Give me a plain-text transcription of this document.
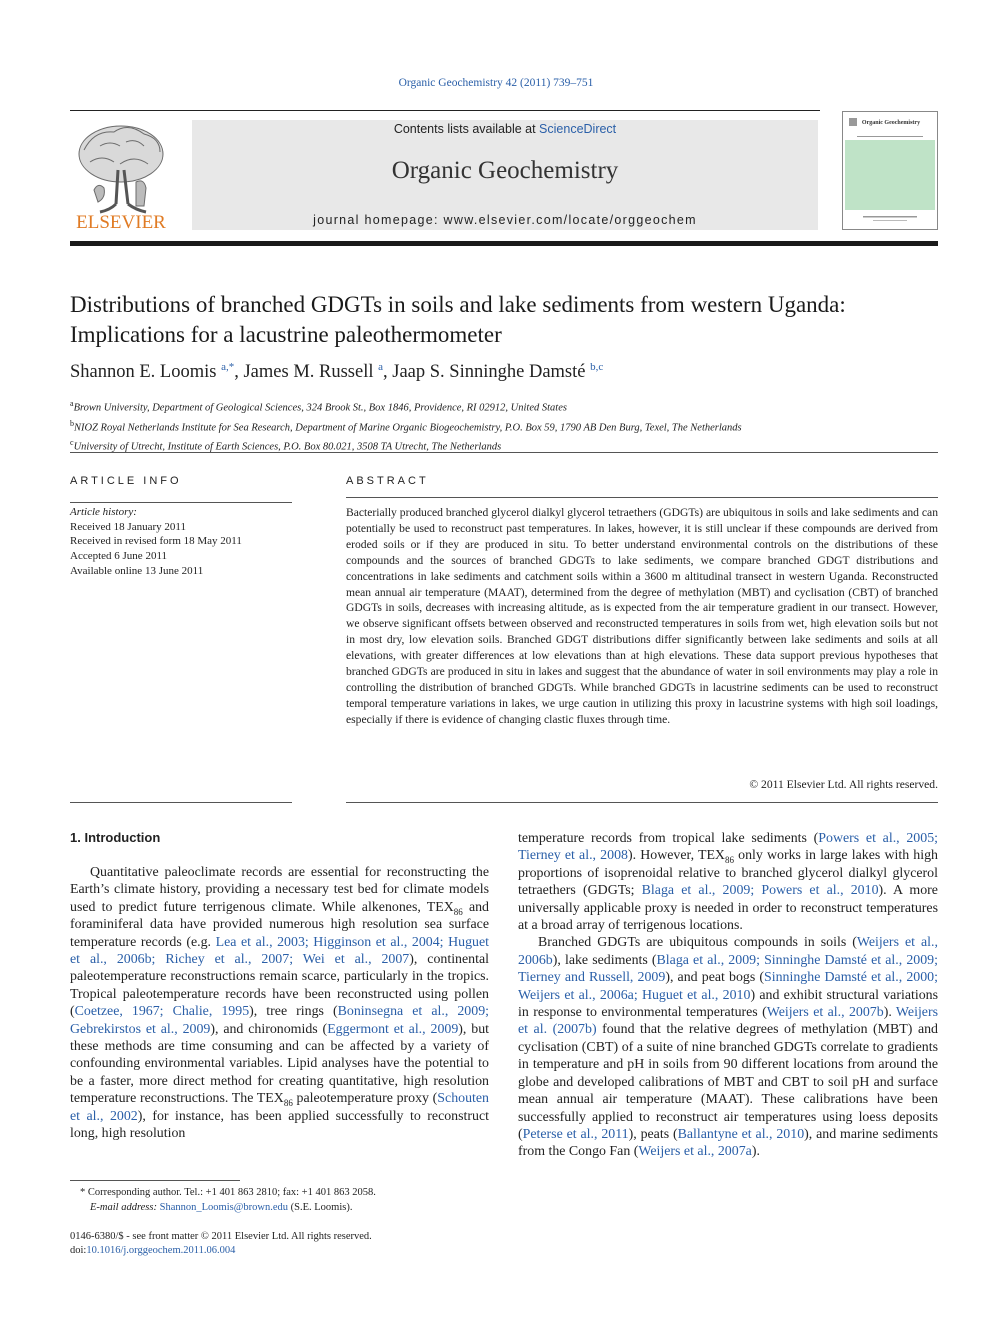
Organic Geochemistry 42 (2011) 739–751
ELSEVIER
Contents lists available at ScienceDirect
Organic Geochemistry
journal homepage: www.elsevier.com/locate/orggeochem
Organic Geochemistry
Distributions of branched GDGTs in soils and lake sediments from western Uganda: Implications for a lacustrine paleothermometer
Shannon E. Loomis $^{a,*}$, James M. Russell $^a$, Jaap S. Sinninghe Damsté $^{b,c}$
$^a$Brown University, Department of Geological Sciences, 324 Brook St., Box 1846, Providence, RI 02912, United States
$^b$NIOZ Royal Netherlands Institute for Sea Research, Department of Marine Organic Biogeochemistry, P.O. Box 59, 1790 AB Den Burg, Texel, The Netherlands
$^c$University of Utrecht, Institute of Earth Sciences, P.O. Box 80.021, 3508 TA Utrecht, The Netherlands
ARTICLE INFO
Article history:
Received 18 January 2011
Received in revised form 18 May 2011
Accepted 6 June 2011
Available online 13 June 2011
ABSTRACT
Bacterially produced branched glycerol dialkyl glycerol tetraethers (GDGTs) are ubiquitous in soils and lake sediments and can potentially be used to reconstruct past temperatures. In lakes, however, it is still unclear if these compounds are derived from eroded soils or if they are produced in situ. To better understand environmental controls on the distributions of these compounds and the sources of branched GDGTs to lake sediments, we compare branched GDGT distributions and concentrations in lake sediments and catchment soils within a 3600 m altitudinal transect in western Uganda. Reconstructed mean annual air temperature (MAAT), determined from the degree of methylation (MBT) and cyclisation (CBT) of branched GDGTs in soils, decreases with increasing altitude, as is expected from the air temperature gradient in our transect. However, we observe significant offsets between observed and reconstructed temperatures in soils from wet, high elevation soils but not in most dry, low elevation soils. Branched GDGT distributions differ significantly between lake sediments and soils at all elevations, with greater differences at low elevations than at high elevations. These data support previous hypotheses that branched GDGTs are produced in situ in lakes and suggest that the abundance of water in soil environments may play a role in controlling the distribution of branched GDGTs. While branched GDGTs in lacustrine sediments can be used to reconstruct temporal temperature variations in lakes, we urge caution in utilizing this proxy in lacustrine systems with high soil loadings, especially if there is evidence of changing clastic fluxes through time.
© 2011 Elsevier Ltd. All rights reserved.
1. Introduction

Quantitative paleoclimate records are essential for reconstructing the Earth’s climate history, providing a necessary test bed for climate models used to predict future terrigenous climate. While alkenones, $TEX_{86}$ and foraminiferal data have provided numerous high resolution sea surface temperature records (e.g. Lea et al., 2003; Higginson et al., 2004; Huguet et al., 2006b; Richey et al., 2007; Wei et al., 2007), continental paleotemperature reconstructions remain scarce, particularly in the tropics. Tropical paleotemperature records have been reconstructed using pollen (Coetzee, 1967; Chalie, 1995), tree rings (Boninsegna et al., 2009; Gebrekirstos et al., 2009), and chironomids (Eggermont et al., 2009), but these methods are time consuming and can be affected by a variety of confounding environmental variables. Lipid analyses have the potential to be a faster, more direct method for creating quantitative, high resolution temperature reconstructions. The $TEX_{86}$ paleotemperature proxy (Schouten et al., 2002), for instance, has been applied successfully to reconstruct long, high resolution

temperature records from tropical lake sediments (Powers et al., 2005; Tierney et al., 2008). However, $TEX_{86}$ only works in large lakes with high proportions of isoprenoidal relative to branched glycerol dialkyl glycerol tetraethers (GDGTs; Blaga et al., 2009; Powers et al., 2010). A more universally applicable proxy is needed in order to reconstruct temperatures at a broad array of terrigenous locations.

Branched GDGTs are ubiquitous compounds in soils (Weijers et al., 2006b), lake sediments (Blaga et al., 2009; Sinninghe Damsté et al., 2009; Tierney and Russell, 2009), and peat bogs (Sinninghe Damsté et al., 2000; Weijers et al., 2006a; Huguet et al., 2010) and exhibit structural variations in response to environmental temperatures (Weijers et al., 2007b). Weijers et al. (2007b) found that the relative degrees of methylation (MBT) and cyclisation (CBT) of a suite of nine branched GDGTs correlate to gradients in temperature and pH in soils from 90 different locations from around the globe and developed calibrations of MBT and CBT to soil pH and surface mean annual air temperature (MAAT). These calibrations have been successfully applied to reconstruct air temperatures using loess deposits (Peterse et al., 2011), peats (Ballantyne et al., 2010), and marine sediments from the Congo Fan (Weijers et al., 2007a).

* Corresponding author. Tel.: +1 401 863 2810; fax: +1 401 863 2058.
E-mail address: Shannon_Loomis@brown.edu (S.E. Loomis).
0146-6380/$ - see front matter © 2011 Elsevier Ltd. All rights reserved.
doi:10.1016/j.orggeochem.2011.06.004
